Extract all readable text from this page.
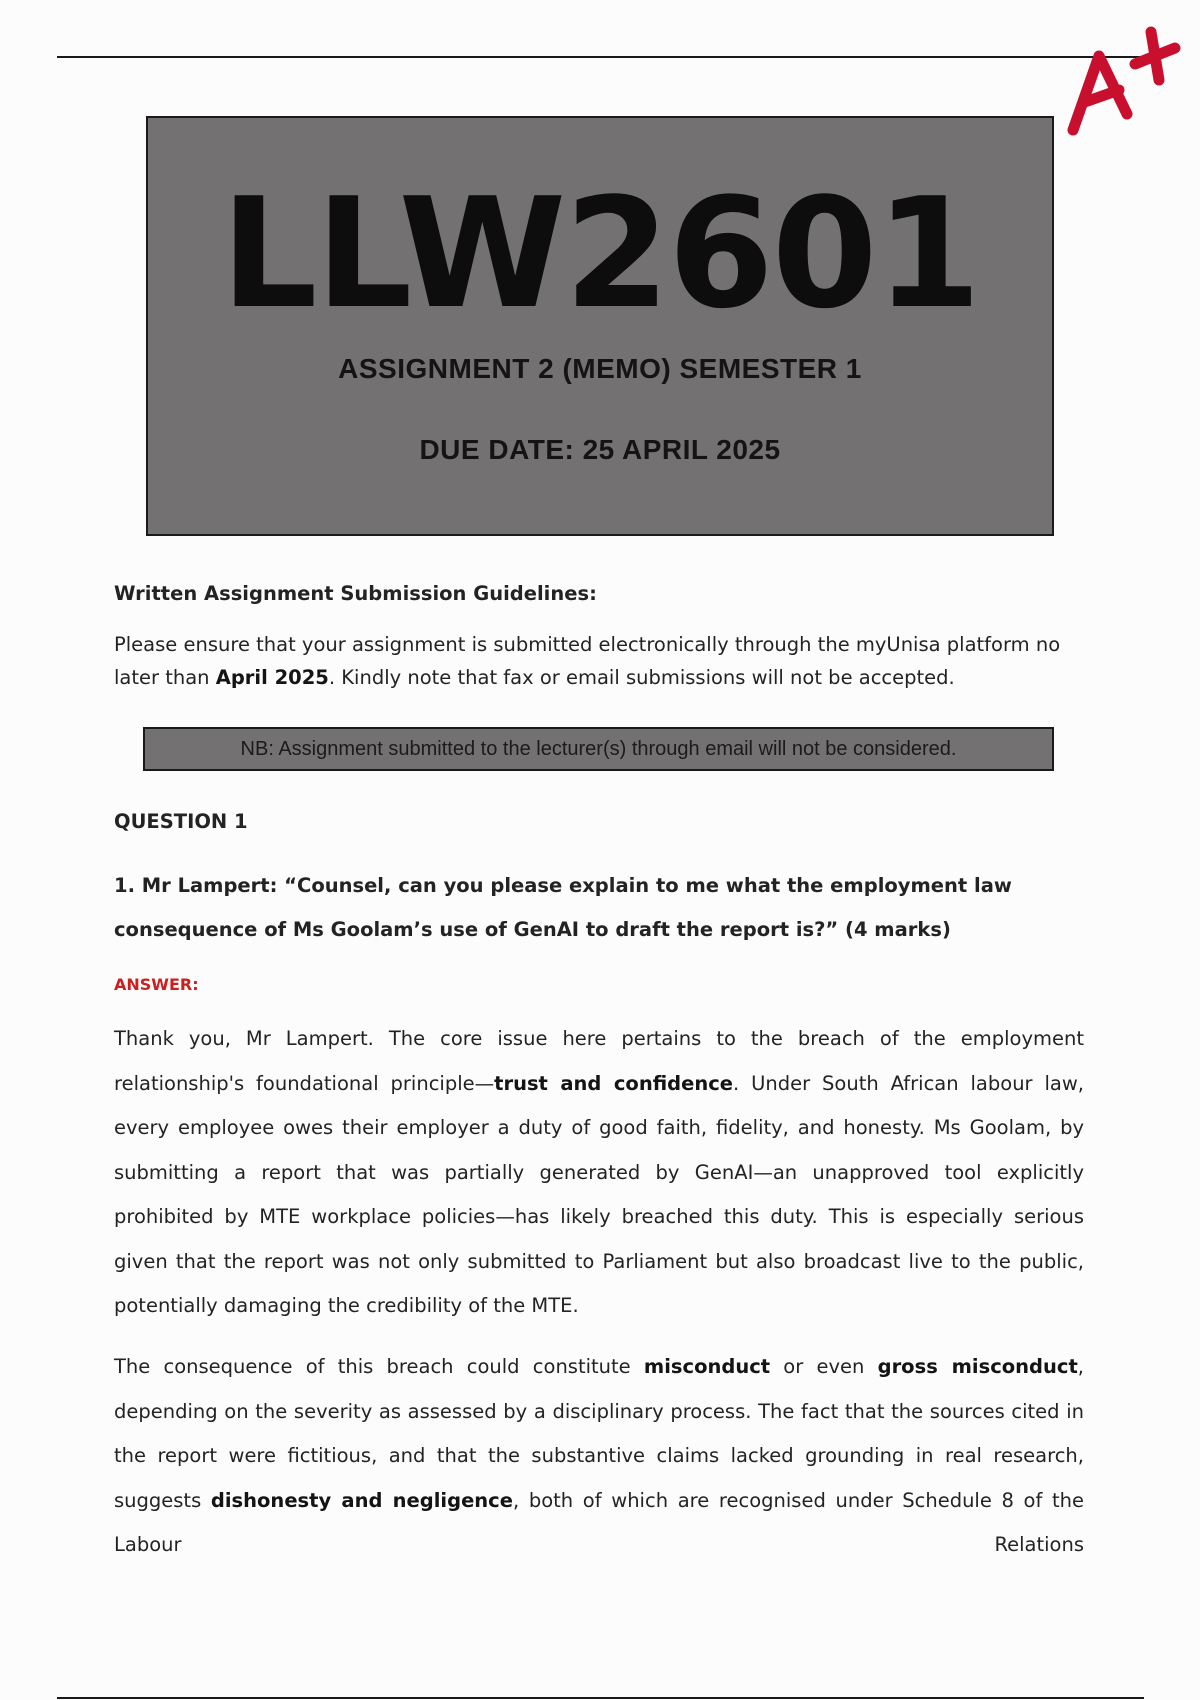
A+
LLW2601
ASSIGNMENT 2 (MEMO) SEMESTER 1
DUE DATE: 25 APRIL 2025
Written Assignment Submission Guidelines:
Please ensure that your assignment is submitted electronically through the myUnisa platform no later than April 2025. Kindly note that fax or email submissions will not be accepted.
NB: Assignment submitted to the lecturer(s) through email will not be considered.
QUESTION 1
1. Mr Lampert: “Counsel, can you please explain to me what the employment law consequence of Ms Goolam’s use of GenAI to draft the report is?” (4 marks)
ANSWER:
Thank you, Mr Lampert. The core issue here pertains to the breach of the employment relationship's foundational principle—trust and confidence. Under South African labour law, every employee owes their employer a duty of good faith, fidelity, and honesty. Ms Goolam, by submitting a report that was partially generated by GenAI—an unapproved tool explicitly prohibited by MTE workplace policies—has likely breached this duty. This is especially serious given that the report was not only submitted to Parliament but also broadcast live to the public, potentially damaging the credibility of the MTE.
The consequence of this breach could constitute misconduct or even gross misconduct, depending on the severity as assessed by a disciplinary process. The fact that the sources cited in the report were fictitious, and that the substantive claims lacked grounding in real research, suggests dishonesty and negligence, both of which are recognised under Schedule 8 of the Labour Relations
